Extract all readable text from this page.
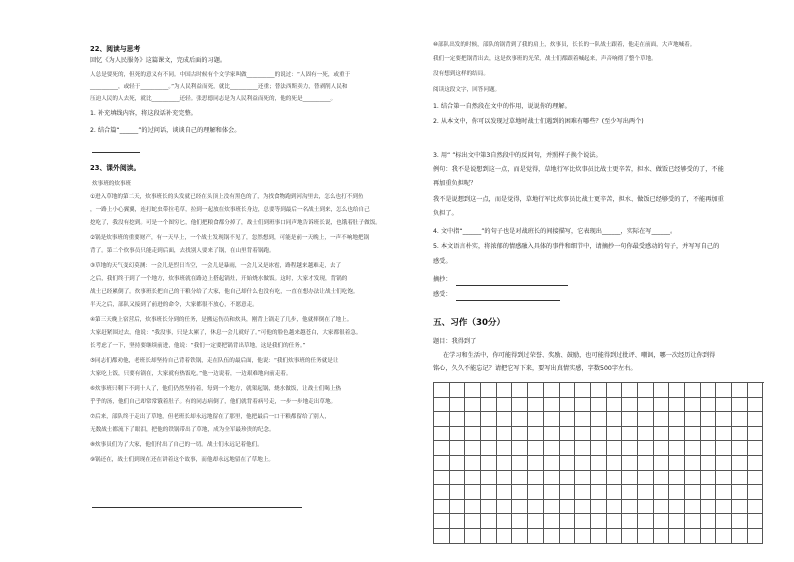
22、阅读与思考
回忆《为人民服务》这篇课文，完成后面的习题。
人总是要死的，但死的意义有不同。中国古时候有个文学家叫做__________的说过：“人固有一死，或重于
__________，或轻于__________。”为人民利益而死，就比__________还重；替法西斯卖力，替剥削人民和
压迫人民的人去死，就比__________还轻。张思德同志是为人民利益而死的，他的死是__________。
1. 补充填线内容，将这段话补充完整。
2. 结合篇“______”的过问话，谈谈自己的理解和体会。
23、课外阅读。
炊事班的炊事班
①进入草地的第二天，炊事班长的头发就已经在头顶上没有黑色的了，为找食物跑到河沟里去，怎么也打不到鱼
，一路上小心翼翼，连打蛇虫带拉毛草，拉到一起放在炊事班长身边，总要等到最后一名战士到来，怎么也给自己
挖吃了，我没有挖到。可是一个图穷匕，他们把粮食都分掉了，战士们到班事口同声地告诉班长说，也饿着肚子做饭。
②锅是炊事班的重要财产，有一天早上，一个战士发现锅不见了，忽然想到，可能是前一天晚上，一声不响地把锅
背了。第二个炊事员只能走到后面，去找别人要来了锅，在山里背着锅跑。
③草地的天气变幻莫测：一会儿是烈日当空，一会儿是暴雨，一会儿又是冰雹，路程越来越难走，去了
之后，我们终于到了一个地方，炊事班就在路边上搭起锅灶，开始烧水做饭。这时，大家才发现，背锅的
战士已经累倒了。炊事班长把自己的干粮分给了大家，他自己却什么也没有吃，一直在想办法让战士们吃饱。
半天之后，部队又接到了前进的命令，大家都很不放心，不愿意走。
④第三天晚上宿营后，炊事班长分到的任务，是搬运伤员和炊具，刚背上锅走了几步，他就摔倒在了地上。
大家赶紧围过去，他说：“我没事，只是太累了，休息一会儿就好了。”可他的脸色越来越苍白，大家都很着急。
长考虑了一下，坚持要继续前进，他说：“我们一定要把锅背出草地，这是我们的任务。”
⑤同志们都劝他，老班长却坚持自己背着铁锅，走在队伍的最后面，他说：“我们炊事班的任务就是让
大家吃上饭，只要有锅在，大家就有热饭吃。”他一边说着，一边艰难地向前走着。
⑥炊事班只剩下不到十人了，他们仍然坚持着，每到一个地方，就架起锅，烧水做饭，让战士们喝上热
乎乎的汤，他们自己却常常饿着肚子。有的同志病倒了，他们就背着病号走，一步一步地走出草地。
⑦后来，部队终于走出了草地，但老班长却永远地留在了那里，他把最后一口干粮都留给了别人，
无数战士都流下了眼泪，把他的铁锅带出了草地，成为全军最珍贵的纪念。
⑧炊事员们为了大家，他们付出了自己的一切。战士们永远记着他们。
⑨锅还在，战士们到现在还在讲着这个故事，而他却永远地留在了草地上。
⑩部队出发的时候，部队的锅背到了我的肩上，炊事员，长长的一队战士跟着，他走在前面，大声地喊着。
我们一定要把锅背出去，这是炊事班的光荣，战士们都跟着喊起来，声音响彻了整个草地。
没有想到这样的结局。
阅读这段文字，回答问题。
1. 结合第一自然段在文中的作用，说说你的理解。
2. 从本文中，你可以发现过草地时战士们遇到的困难有哪些？(至少写出两个)
3. 用“ ”标出文中第3自然段中的反问句，并照样子换个说法。
例句：我不是说想到这一点，而是觉得，草地行军比炊事员比战士更辛苦，担水、做饭已经够受的了，不能
再加重负担呢？
我不是说想到这一点，而是觉得，草地行军比炊事员比战士更辛苦，担水、做饭已经够受的了，不能再加重
负担了。
4. 文中指“______”的句子也是对战班长的间接描写，它表现出______，实际在写______。
5. 本文语言朴实，将浓郁的情感融入具体的事件和细节中，请摘抄一句你最受感动的句子，并写写自己的
感受。
摘抄：
感受：
五、习作（30分）
题目：我得到了
在学习和生活中，你可能得到过荣誉、奖励、鼓励，也可能得到过批评、嘲讽，哪一次经历让你到得
铭心，久久不能忘记？请把它写下来，要写出真情实感，字数500字左右。
